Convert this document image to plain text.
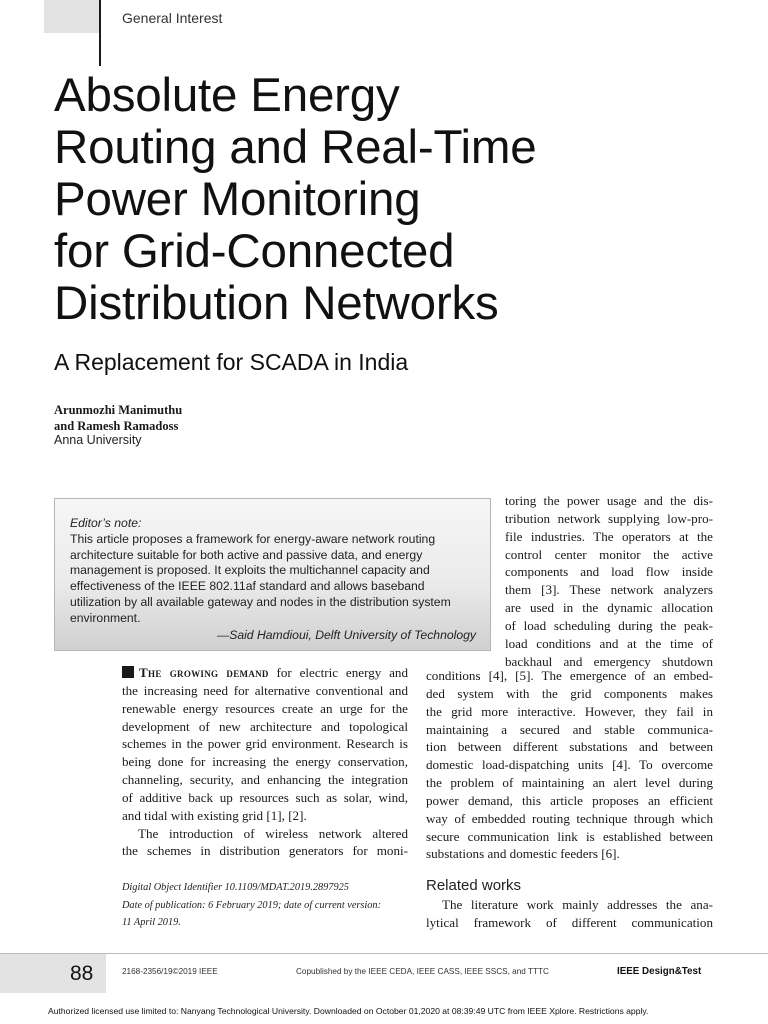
General Interest
Absolute Energy
Routing and Real-Time
Power Monitoring
for Grid-Connected
Distribution Networks
A Replacement for SCADA in India
Arunmozhi Manimuthu
and Ramesh Ramadoss
Anna University
Editor’s note:
This article proposes a framework for energy-aware network routing
architecture suitable for both active and passive data, and energy
management is proposed. It exploits the multichannel capacity and
effectiveness of the IEEE 802.11af standard and allows baseband
utilization by all available gateway and nodes in the distribution system
environment.
—Said Hamdioui, Delft University of Technology
The growing demand for electric energy and
the increasing need for alternative conventional and
renewable energy resources create an urge for the
development of new architecture and topological
schemes in the power grid environment. Research is
being done for increasing the energy conservation,
channeling, security, and enhancing the integration
of additive back up resources such as solar, wind,
and tidal with existing grid [1], [2].
The introduction of wireless network altered
the schemes in distribution generators for moni-
toring the power usage and the dis-
tribution network supplying low-pro-
file industries. The operators at the
control center monitor the active
components and load flow inside
them [3]. These network analyzers
are used in the dynamic allocation
of load scheduling during the peak-
load conditions and at the time of
backhaul and emergency shutdown
conditions [4], [5]. The emergence of an embed-
ded system with the grid components makes
the grid more interactive. However, they fail in
maintaining a secured and stable communica-
tion between different substations and between
domestic load-dispatching units [4]. To overcome
the problem of maintaining an alert level during
power demand, this article proposes an efficient
way of embedded routing technique through which
secure communication link is established between
substations and domestic feeders [6].
Related works
The literature work mainly addresses the ana-
lytical framework of different communication
Digital Object Identifier 10.1109/MDAT.2019.2897925
Date of publication: 6 February 2019; date of current version:
11 April 2019.
88	2168-2356/19©2019 IEEE	Copublished by the IEEE CEDA, IEEE CASS, IEEE SSCS, and TTTC	IEEE Design&Test
Authorized licensed use limited to: Nanyang Technological University. Downloaded on October 01,2020 at 08:39:49 UTC from IEEE Xplore. Restrictions apply.
